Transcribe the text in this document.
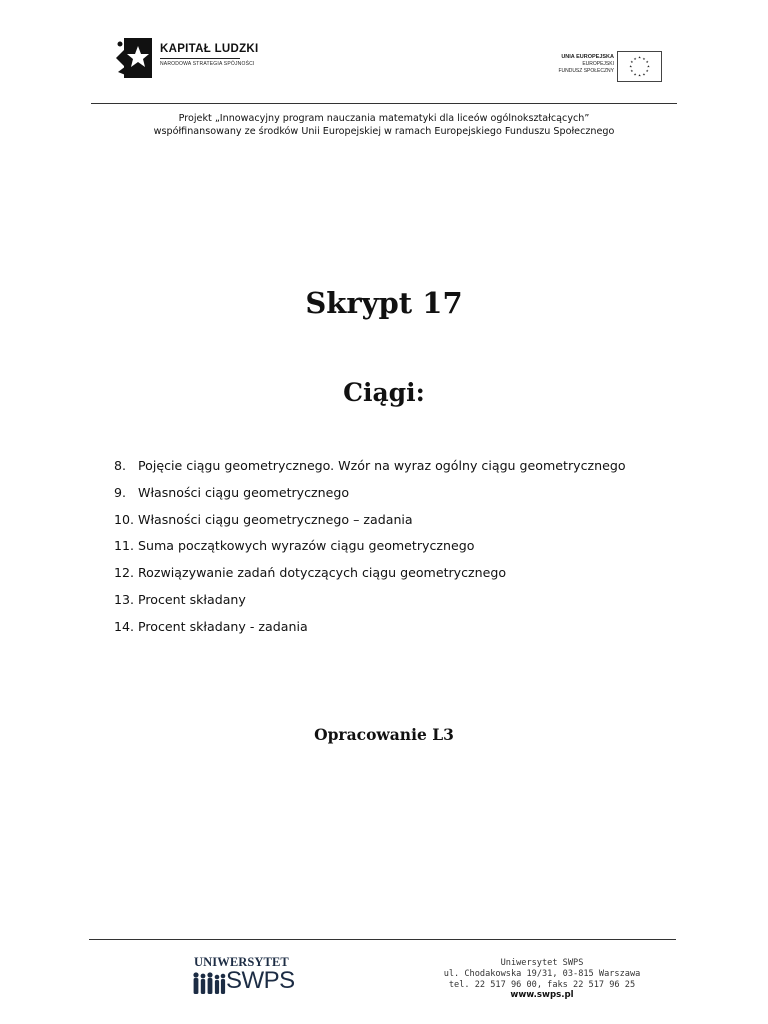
KAPITAŁ LUDZKI
NARODOWA STRATEGIA SPÓJNOŚCI
UNIA EUROPEJSKA
EUROPEJSKI
FUNDUSZ SPOŁECZNY
★ ★
★
★
★
★
★
★
★
★
★
★
Projekt „Innowacyjny program nauczania matematyki dla liceów ogólnokształcących”
współfinansowany ze środków Unii Europejskiej w ramach Europejskiego Funduszu Społecznego
Skrypt 17
Ciągi:
8. Pojęcie ciągu geometrycznego. Wzór na wyraz ogólny ciągu geometrycznego
9. Własności ciągu geometrycznego
10. Własności ciągu geometrycznego – zadania
11. Suma początkowych wyrazów ciągu geometrycznego
12. Rozwiązywanie zadań dotyczących ciągu geometrycznego
13. Procent składany
14. Procent składany - zadania
Opracowanie L3
UNIWERSYTET
SWPS
Uniwersytet SWPS
ul. Chodakowska 19/31, 03-815 Warszawa
tel. 22 517 96 00, faks 22 517 96 25
www.swps.pl
